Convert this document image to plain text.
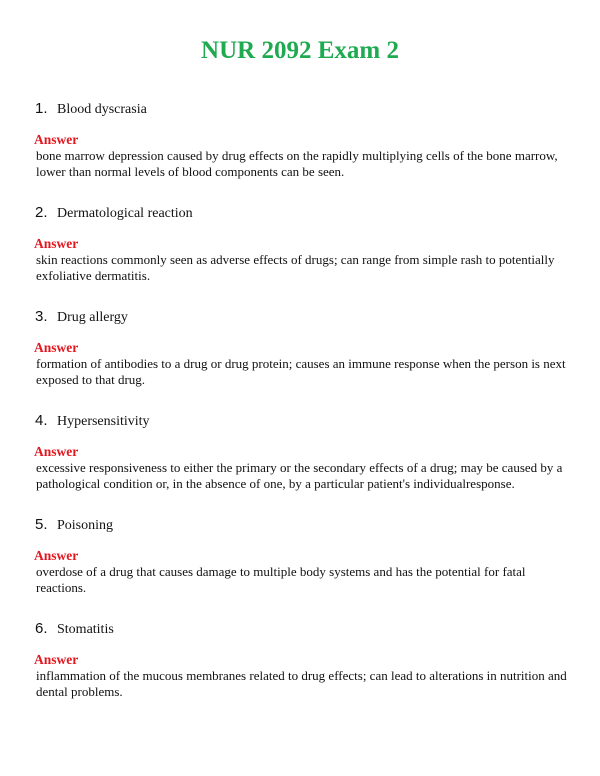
NUR 2092 Exam 2
1. Blood dyscrasia
Answer
bone marrow depression caused by drug effects on the rapidly multiplying cells of the bone marrow, lower than normal levels of blood components can be seen.
2. Dermatological reaction
Answer
skin reactions commonly seen as adverse effects of drugs; can range from simple rash to potentially exfoliative dermatitis.
3. Drug allergy
Answer
formation of antibodies to a drug or drug protein; causes an immune response when the person is next exposed to that drug.
4. Hypersensitivity
Answer
excessive responsiveness to either the primary or the secondary effects of a drug; may be caused by a pathological condition or, in the absence of one, by a particular patient's individualresponse.
5. Poisoning
Answer
overdose of a drug that causes damage to multiple body systems and has the potential for fatal reactions.
6. Stomatitis
Answer
inflammation of the mucous membranes related to drug effects; can lead to alterations in nutrition and dental problems.
